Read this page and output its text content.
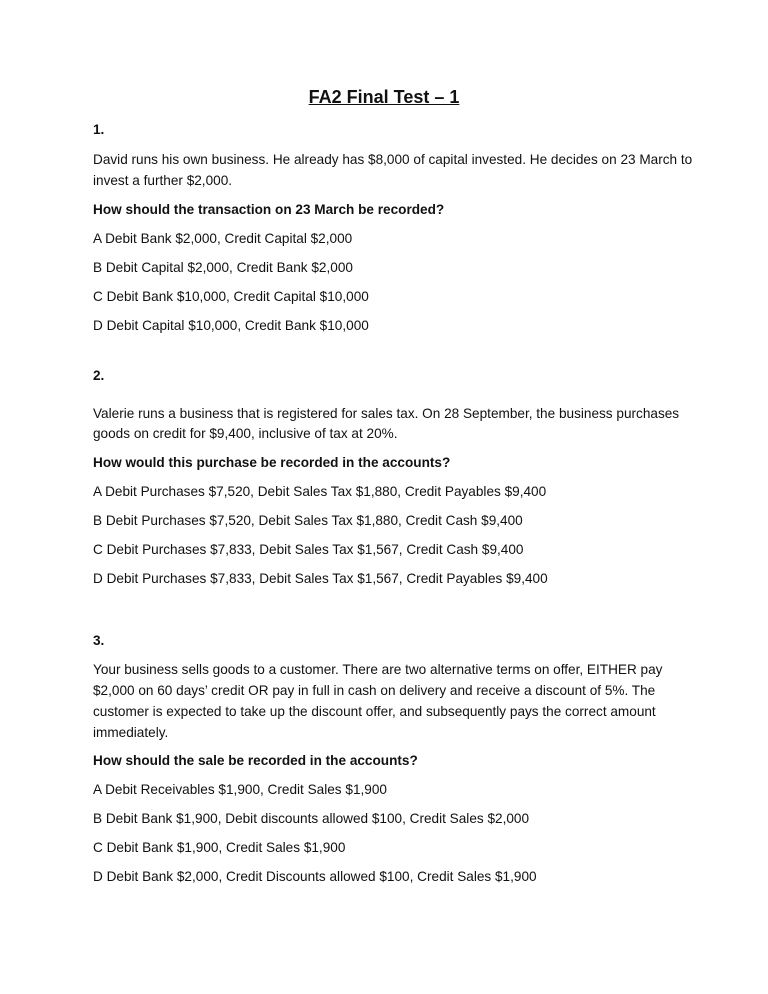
FA2 Final Test – 1
1.
David runs his own business. He already has $8,000 of capital invested. He decides on 23 March to invest a further $2,000.
How should the transaction on 23 March be recorded?
A Debit Bank $2,000, Credit Capital $2,000
B Debit Capital $2,000, Credit Bank $2,000
C Debit Bank $10,000, Credit Capital $10,000
D Debit Capital $10,000, Credit Bank $10,000
2.
Valerie runs a business that is registered for sales tax. On 28 September, the business purchases goods on credit for $9,400, inclusive of tax at 20%.
How would this purchase be recorded in the accounts?
A Debit Purchases $7,520, Debit Sales Tax $1,880, Credit Payables $9,400
B Debit Purchases $7,520, Debit Sales Tax $1,880, Credit Cash $9,400
C Debit Purchases $7,833, Debit Sales Tax $1,567, Credit Cash $9,400
D Debit Purchases $7,833, Debit Sales Tax $1,567, Credit Payables $9,400
3.
Your business sells goods to a customer. There are two alternative terms on offer, EITHER pay $2,000 on 60 days’ credit OR pay in full in cash on delivery and receive a discount of 5%. The customer is expected to take up the discount offer, and subsequently pays the correct amount immediately.
How should the sale be recorded in the accounts?
A Debit Receivables $1,900, Credit Sales $1,900
B Debit Bank $1,900, Debit discounts allowed $100, Credit Sales $2,000
C Debit Bank $1,900, Credit Sales $1,900
D Debit Bank $2,000, Credit Discounts allowed $100, Credit Sales $1,900
